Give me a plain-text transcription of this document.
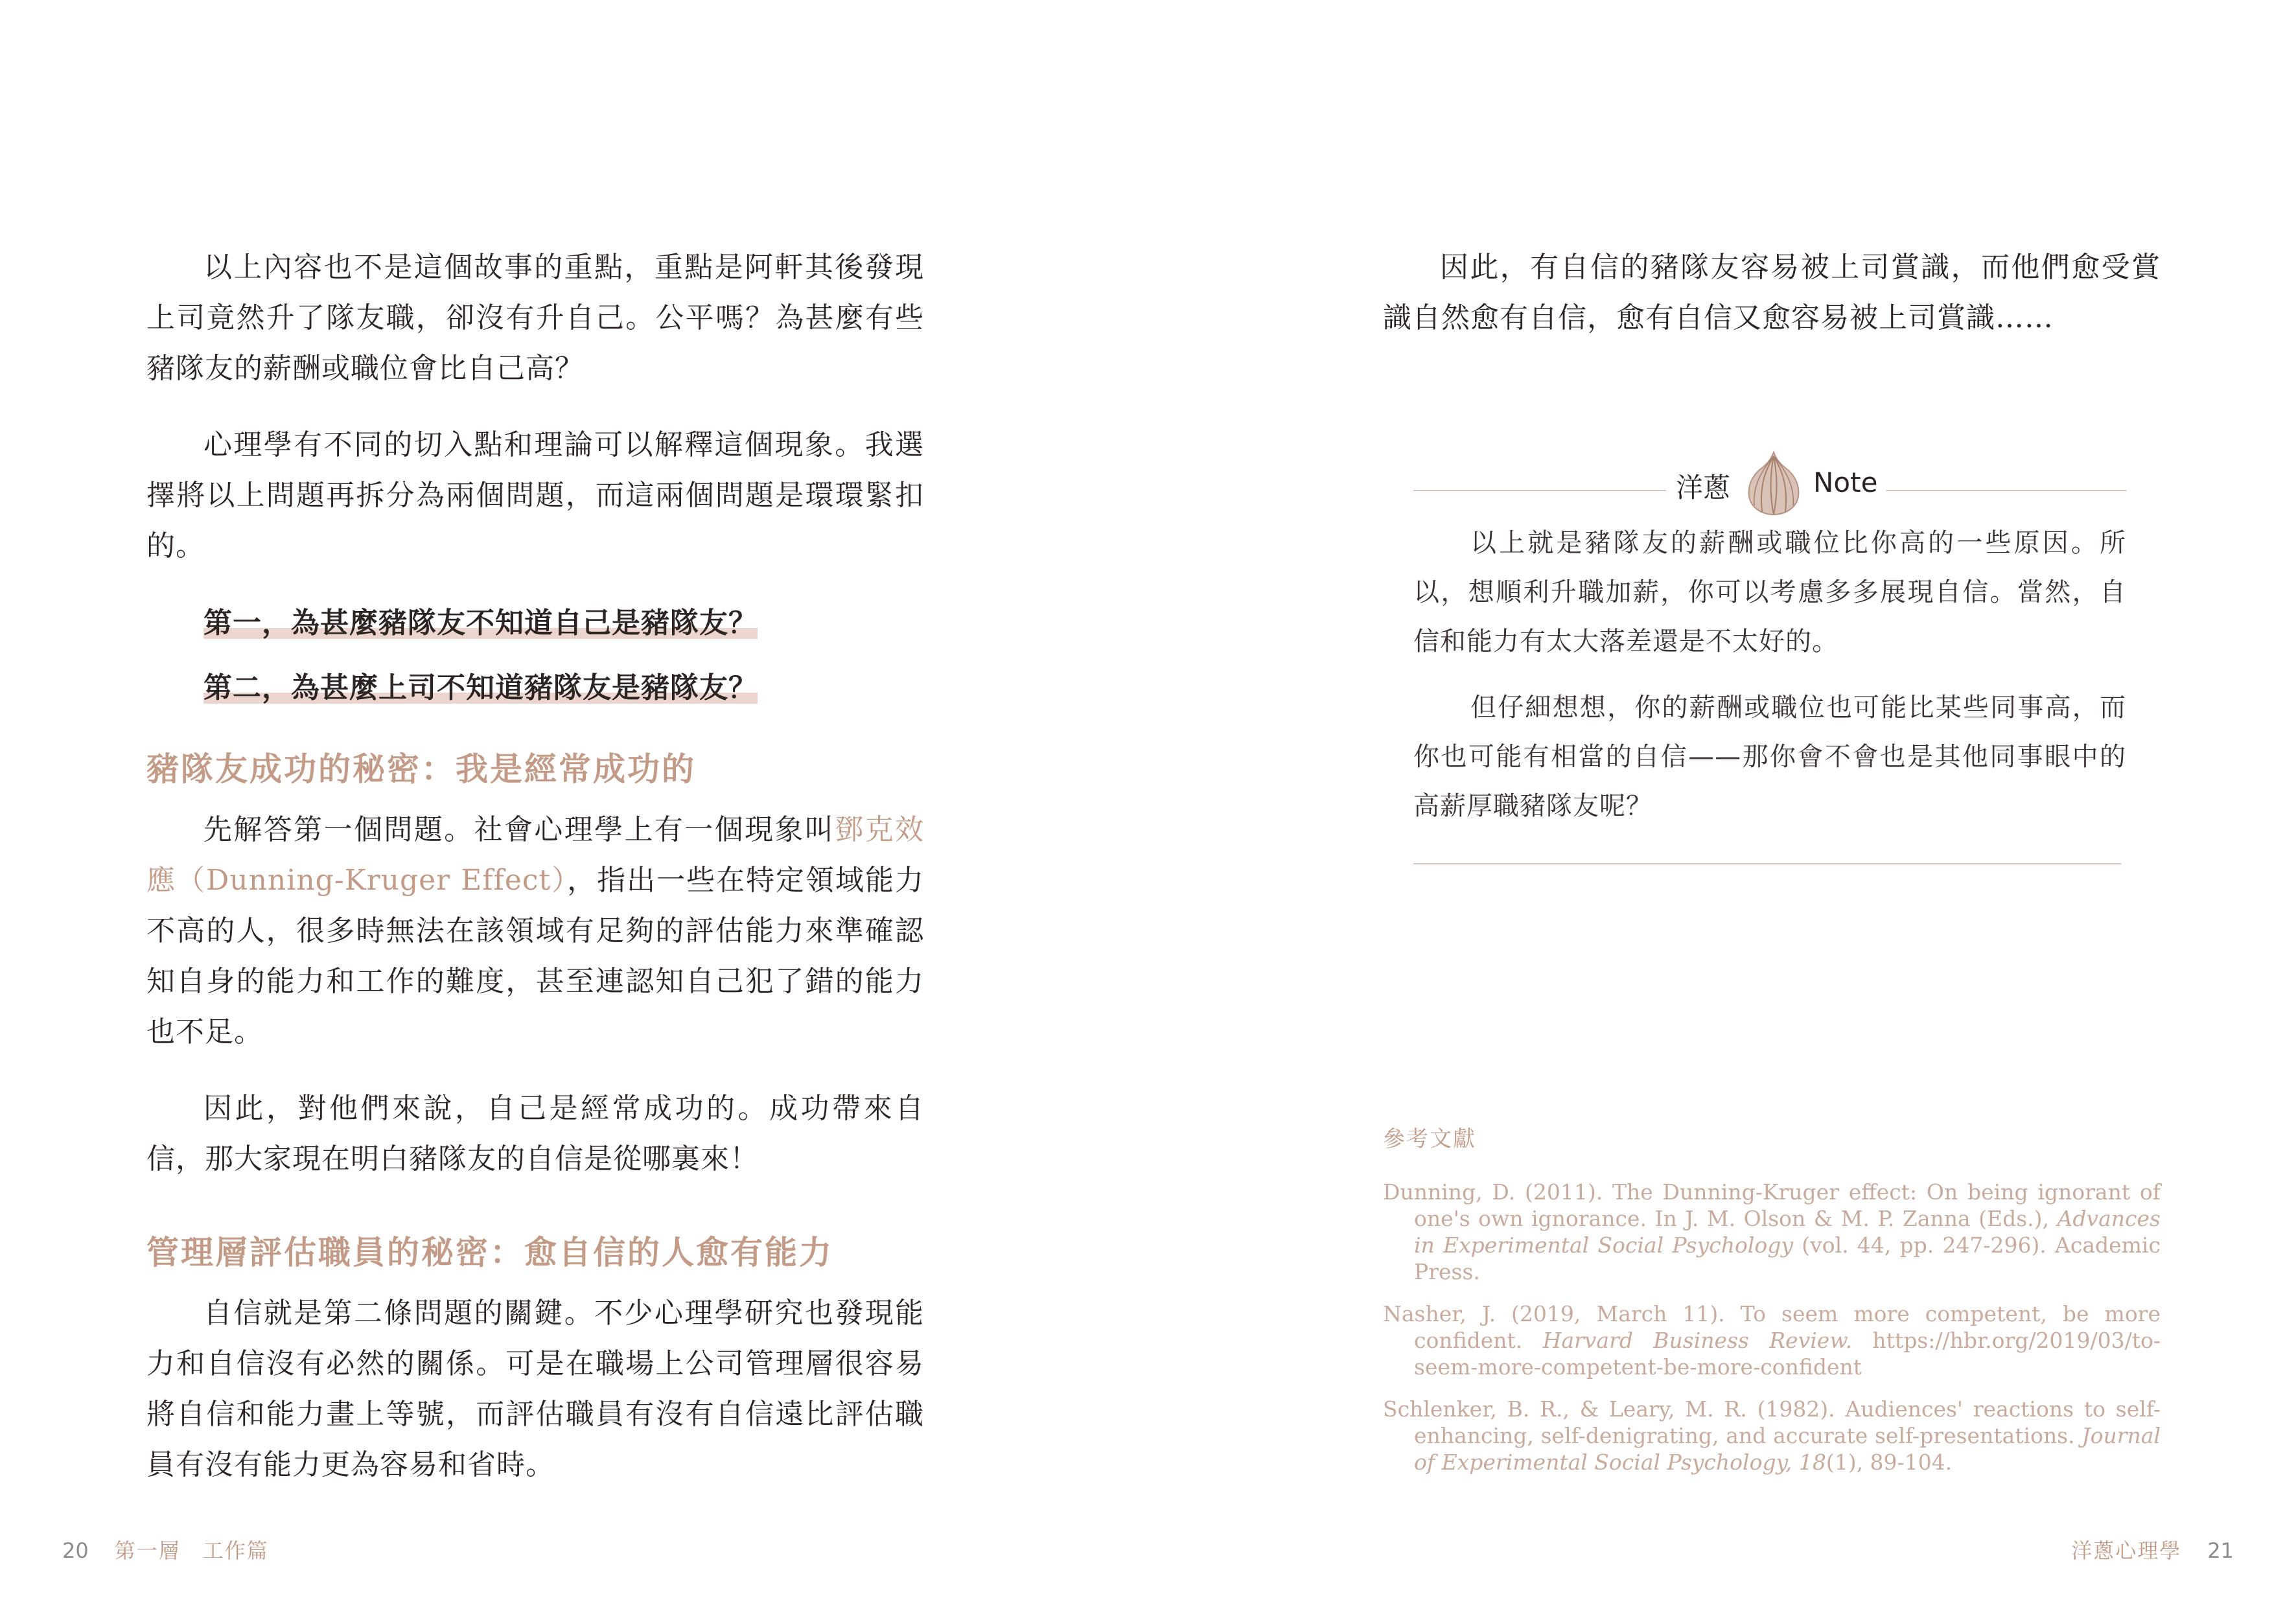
以上內容也不是這個故事的重點，重點是阿軒其後發現上司竟然升了隊友職，卻沒有升自己。公平嗎？為甚麼有些豬隊友的薪酬或職位會比自己高？

心理學有不同的切入點和理論可以解釋這個現象。我選擇將以上問題再拆分為兩個問題，而這兩個問題是環環緊扣的。

第一，為甚麼豬隊友不知道自己是豬隊友？
第二，為甚麼上司不知道豬隊友是豬隊友？

豬隊友成功的秘密：我是經常成功的

先解答第一個問題。社會心理學上有一個現象叫鄧克效應（Dunning-Kruger Effect），指出一些在特定領域能力不高的人，很多時無法在該領域有足夠的評估能力來準確認知自身的能力和工作的難度，甚至連認知自己犯了錯的能力也不足。

因此，對他們來說，自己是經常成功的。成功帶來自信，那大家現在明白豬隊友的自信是從哪裏來！

管理層評估職員的秘密：愈自信的人愈有能力

自信就是第二條問題的關鍵。不少心理學研究也發現能力和自信沒有必然的關係。可是在職場上公司管理層很容易將自信和能力畫上等號，而評估職員有沒有自信遠比評估職員有沒有能力更為容易和省時。

20 第一層　工作篇

因此，有自信的豬隊友容易被上司賞識，而他們愈受賞識自然愈有自信，愈有自信又愈容易被上司賞識……

洋蔥	Note

以上就是豬隊友的薪酬或職位比你高的一些原因。所以，想順利升職加薪，你可以考慮多多展現自信。當然，自信和能力有太大落差還是不太好的。

但仔細想想，你的薪酬或職位也可能比某些同事高，而你也可能有相當的自信——那你會不會也是其他同事眼中的高薪厚職豬隊友呢？

參考文獻

Dunning, D. (2011). The Dunning-Kruger effect: On being ignorant of one's own ignorance. In J. M. Olson & M. P. Zanna (Eds.), Advances in Experimental Social Psychology (vol. 44, pp. 247-296). Academic Press.

Nasher, J. (2019, March 11). To seem more competent, be more confident. Harvard Business Review. https://hbr.org/2019/03/to-seem-more-competent-be-more-confident

Schlenker, B. R., & Leary, M. R. (1982). Audiences' reactions to self-enhancing, self-denigrating, and accurate self-presentations. Journal of Experimental Social Psychology, 18(1), 89-104.

洋蔥心理學 21
